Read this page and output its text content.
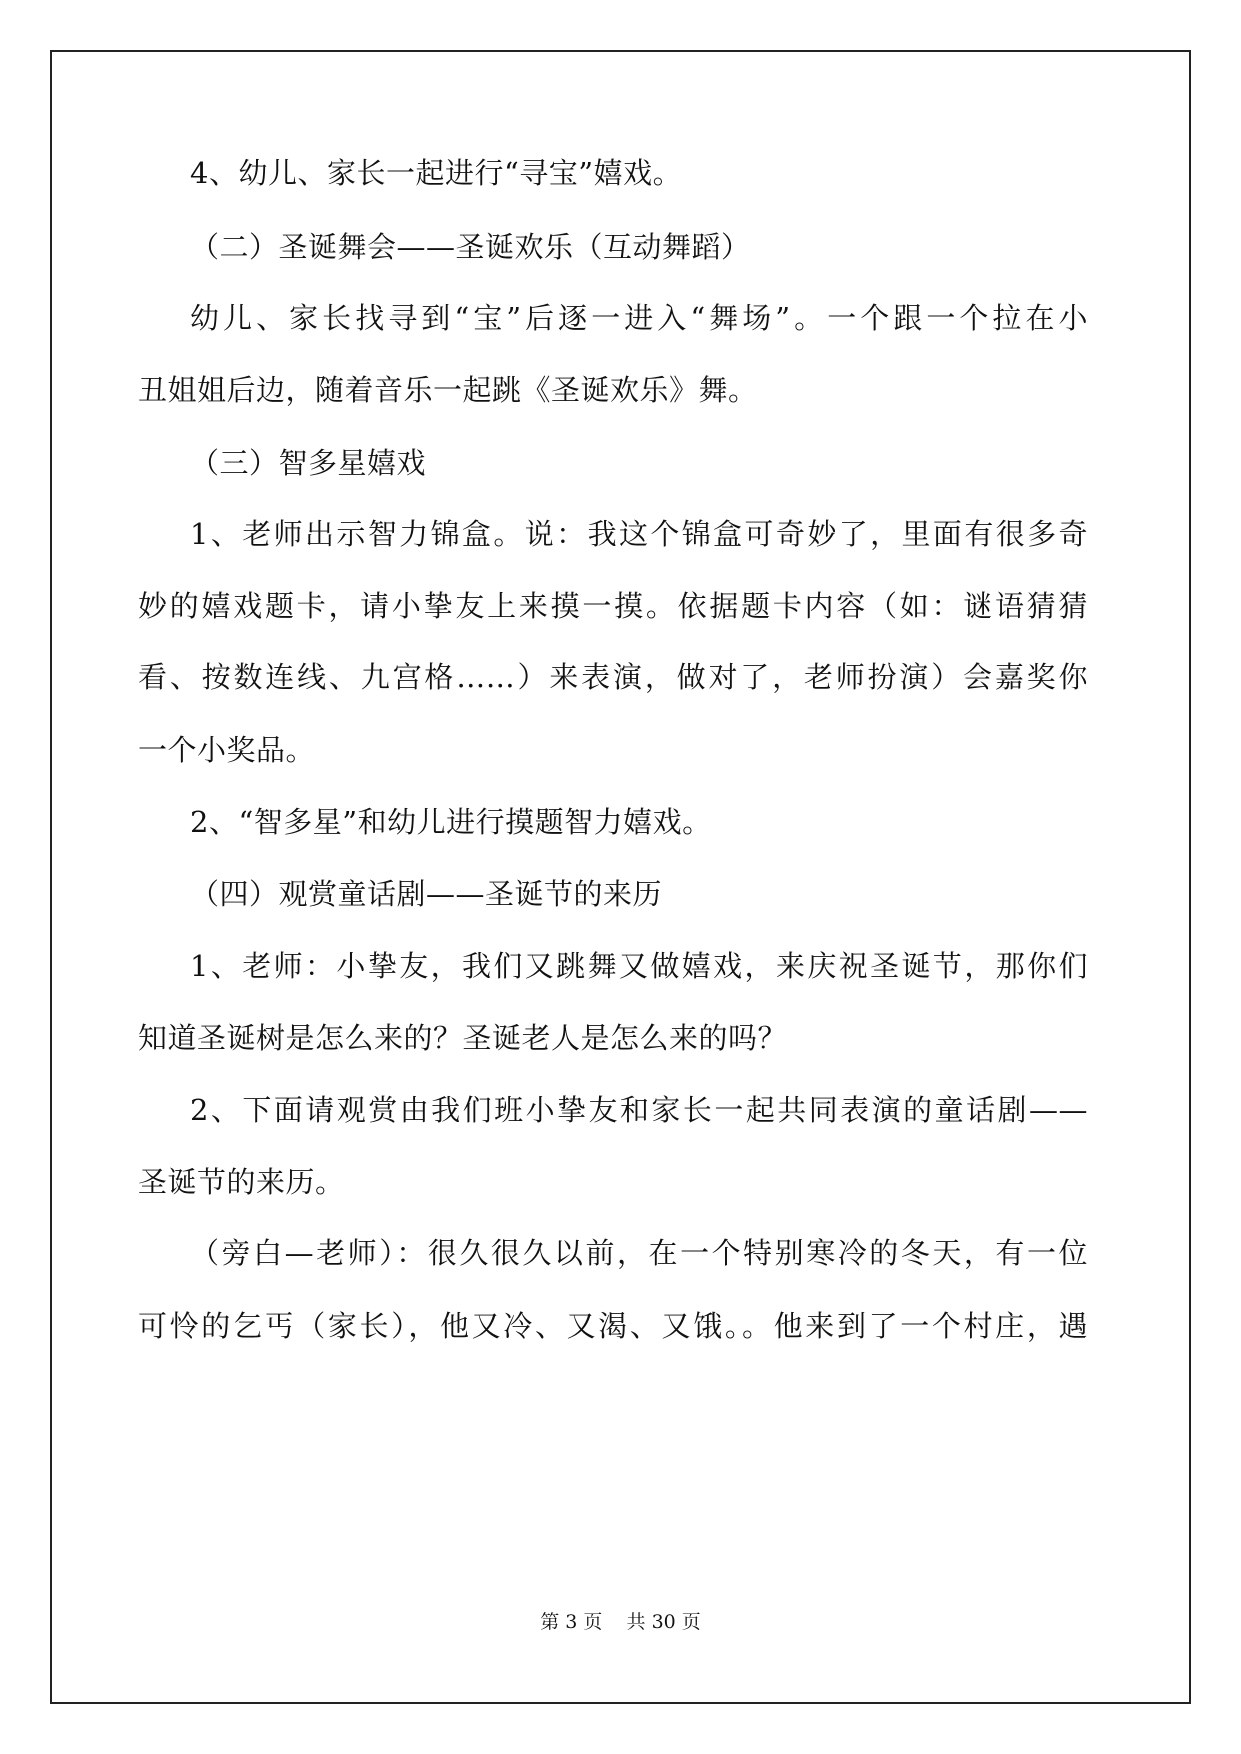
4、幼儿、家长一起进行“寻宝”嬉戏。
（二）圣诞舞会——圣诞欢乐（互动舞蹈）
幼儿、家长找寻到“宝”后逐一进入“舞场”。一个跟一个拉在小
丑姐姐后边，随着音乐一起跳《圣诞欢乐》舞。
（三）智多星嬉戏
1、老师出示智力锦盒。说：我这个锦盒可奇妙了，里面有很多奇
妙的嬉戏题卡，请小挚友上来摸一摸。依据题卡内容（如：谜语猜猜
看、按数连线、九宫格……）来表演，做对了，老师扮演）会嘉奖你
一个小奖品。
2、“智多星”和幼儿进行摸题智力嬉戏。
（四）观赏童话剧——圣诞节的来历
1、老师：小挚友，我们又跳舞又做嬉戏，来庆祝圣诞节，那你们
知道圣诞树是怎么来的？圣诞老人是怎么来的吗？
2、下面请观赏由我们班小挚友和家长一起共同表演的童话剧——
圣诞节的来历。
（旁白—老师）：很久很久以前，在一个特别寒冷的冬天，有一位
可怜的乞丐（家长），他又冷、又渴、又饿。。他来到了一个村庄，遇
第 3 页    共 30 页
